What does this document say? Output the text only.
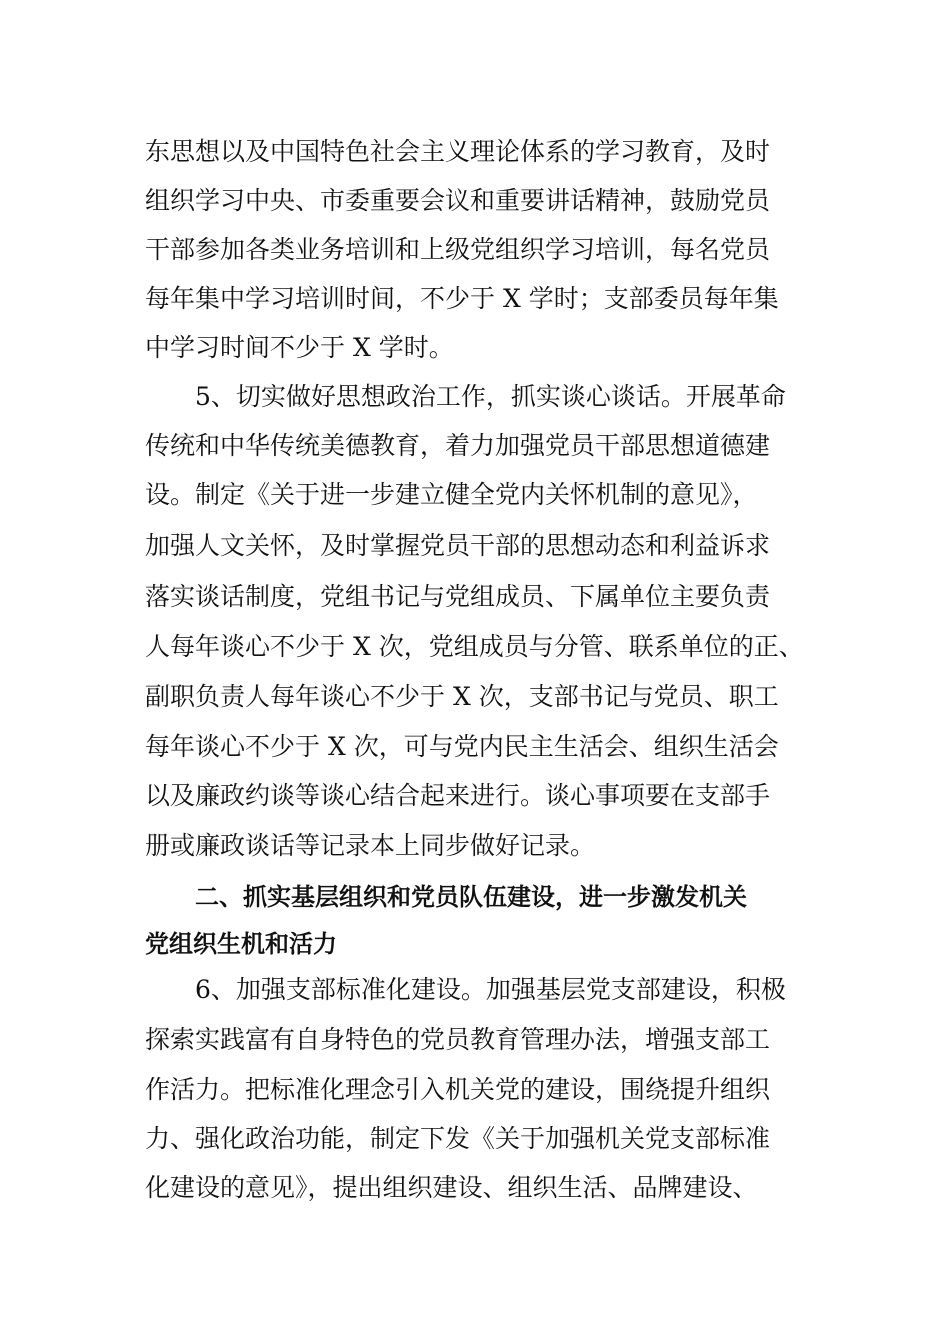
东思想以及中国特色社会主义理论体系的学习教育，及时
组织学习中央、市委重要会议和重要讲话精神，鼓励党员
干部参加各类业务培训和上级党组织学习培训，每名党员
每年集中学习培训时间，不少于 X 学时；支部委员每年集
中学习时间不少于 X 学时。
5、切实做好思想政治工作，抓实谈心谈话。开展革命
传统和中华传统美德教育，着力加强党员干部思想道德建
设。制定《关于进一步建立健全党内关怀机制的意见》，
加强人文关怀，及时掌握党员干部的思想动态和利益诉求
落实谈话制度，党组书记与党组成员、下属单位主要负责
人每年谈心不少于 X 次，党组成员与分管、联系单位的正、
副职负责人每年谈心不少于 X 次，支部书记与党员、职工
每年谈心不少于 X 次，可与党内民主生活会、组织生活会
以及廉政约谈等谈心结合起来进行。谈心事项要在支部手
册或廉政谈话等记录本上同步做好记录。
二、抓实基层组织和党员队伍建设，进一步激发机关
党组织生机和活力
6、加强支部标准化建设。加强基层党支部建设，积极
探索实践富有自身特色的党员教育管理办法，增强支部工
作活力。把标准化理念引入机关党的建设，围绕提升组织
力、强化政治功能，制定下发《关于加强机关党支部标准
化建设的意见》，提出组织建设、组织生活、品牌建设、
